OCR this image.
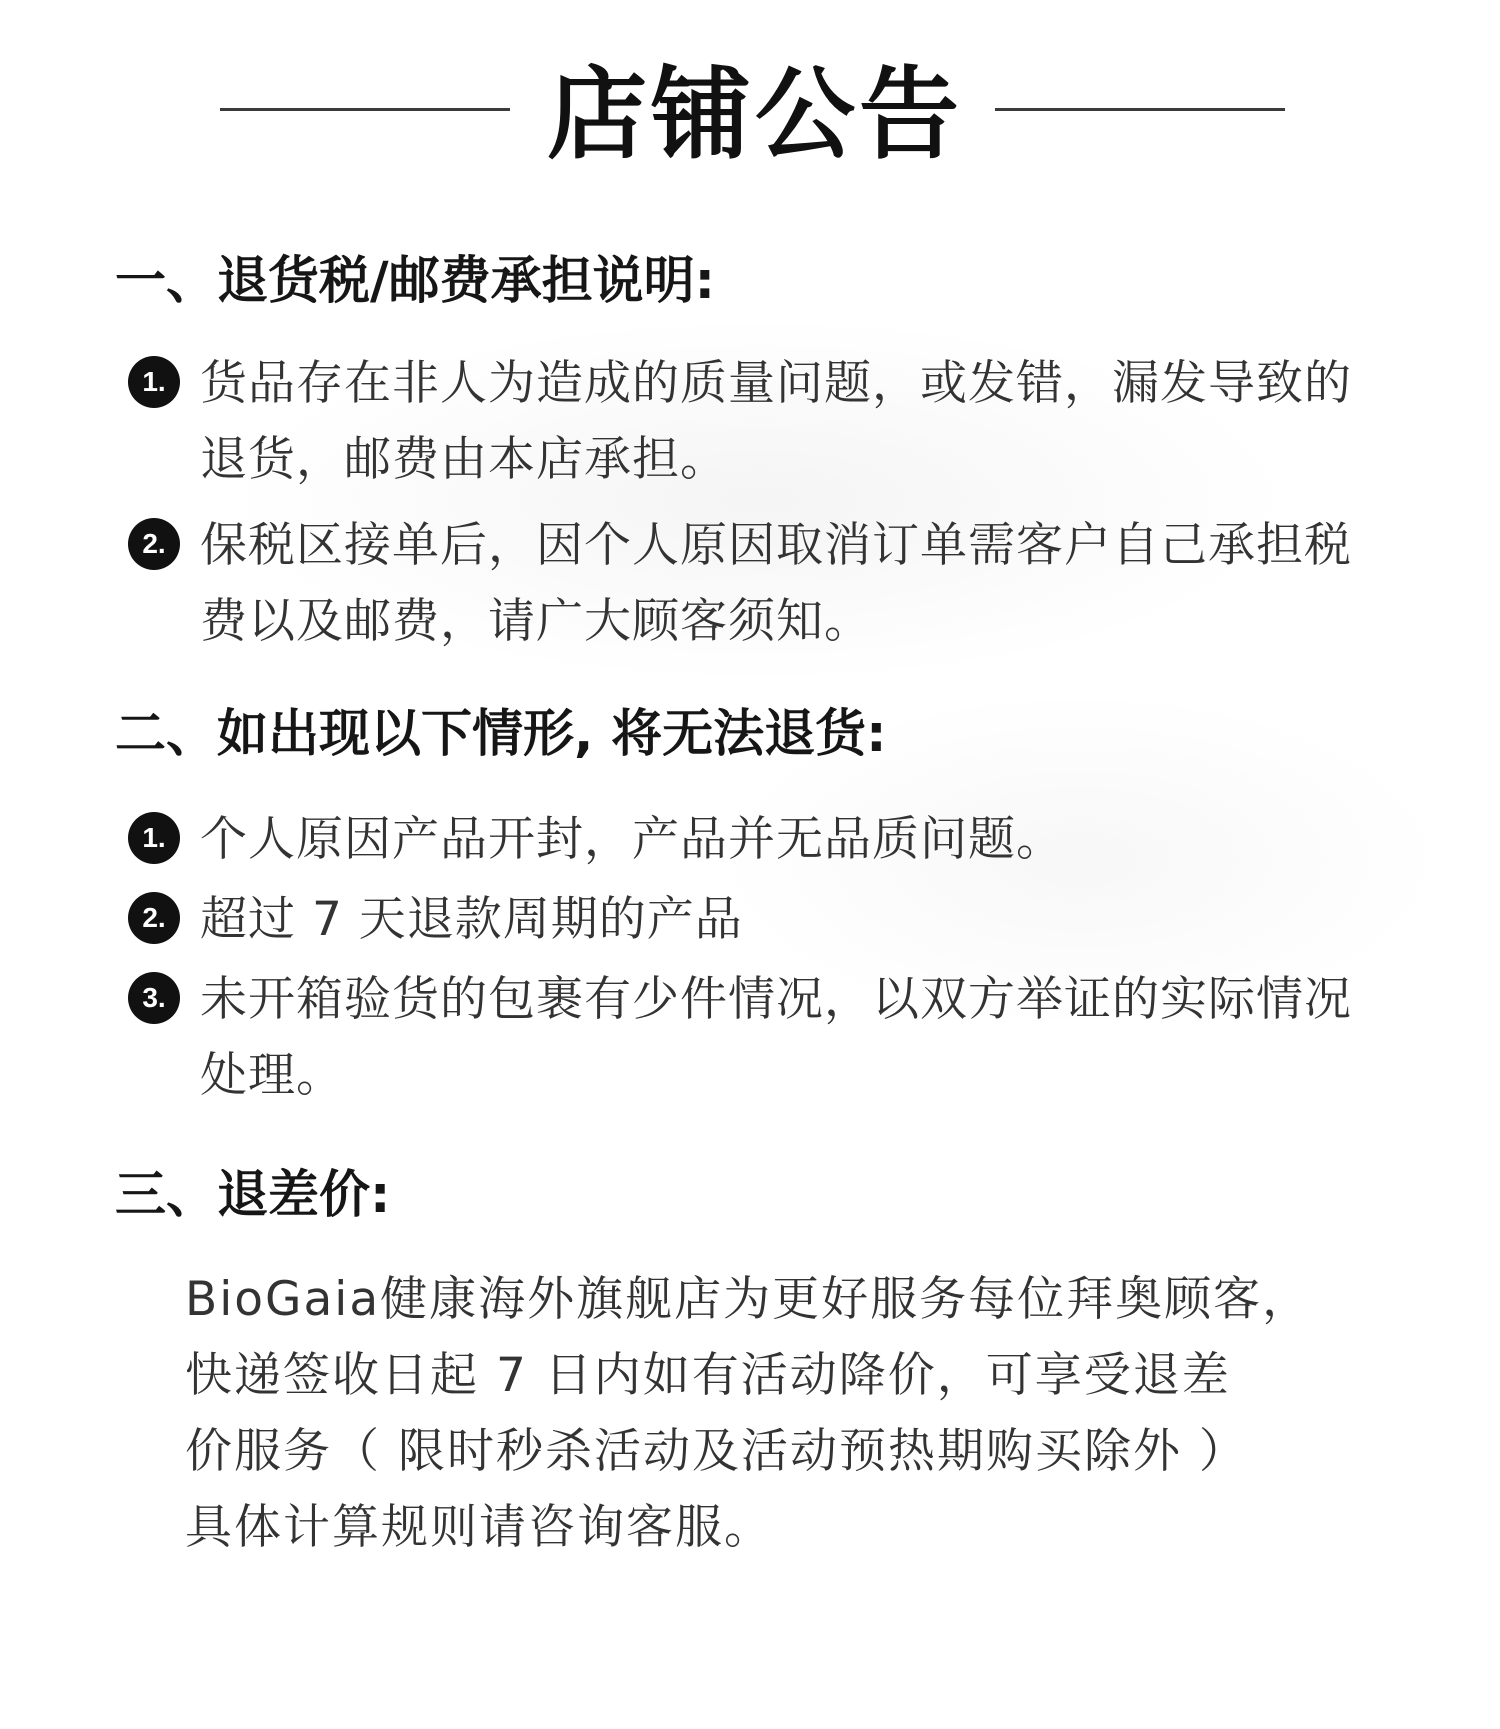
店铺公告
一、退货税/邮费承担说明:
1. 货品存在非人为造成的质量问题，或发错，漏发导致的退货，邮费由本店承担。
2. 保税区接单后，因个人原因取消订单需客户自己承担税费以及邮费，请广大顾客须知。
二、如出现以下情形, 将无法退货:
1. 个人原因产品开封，产品并无品质问题。
2. 超过 7 天退款周期的产品
3. 未开箱验货的包裹有少件情况，以双方举证的实际情况处理。
三、退差价:
BioGaia健康海外旗舰店为更好服务每位拜奥顾客，
快递签收日起 7 日内如有活动降价，可享受退差
价服务（ 限时秒杀活动及活动预热期购买除外 ）
具体计算规则请咨询客服。
